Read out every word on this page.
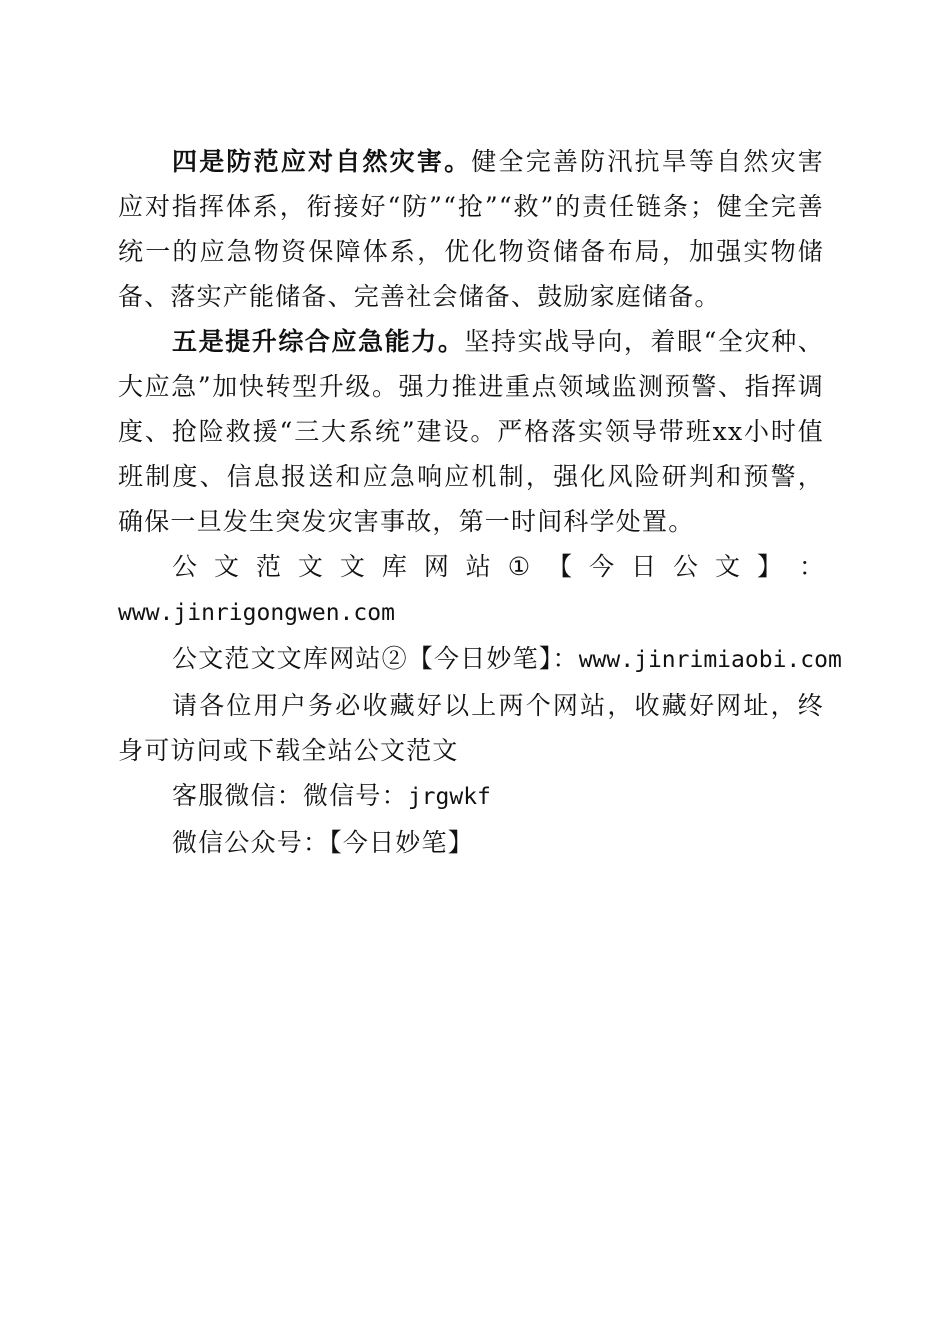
四是防范应对自然灾害。健全完善防汛抗旱等自然灾害应对指挥体系，衔接好“防”“抢”“救”的责任链条；健全完善统一的应急物资保障体系，优化物资储备布局，加强实物储备、落实产能储备、完善社会储备、鼓励家庭储备。

五是提升综合应急能力。坚持实战导向，着眼“全灾种、大应急”加快转型升级。强力推进重点领域监测预警、指挥调度、抢险救援“三大系统”建设。严格落实领导带班xx小时值班制度、信息报送和应急响应机制，强化风险研判和预警，确保一旦发生突发灾害事故，第一时间科学处置。

公 文 范 文 文 库 网 站 ① 【 今 日 公 文 】 ：
www.jinrigongwen.com
公文范文文库网站②【今日妙笔】：www.jinrimiaobi.com

请各位用户务必收藏好以上两个网站，收藏好网址，终身可访问或下载全站公文范文

客服微信：微信号：jrgwkf
微信公众号：【今日妙笔】
